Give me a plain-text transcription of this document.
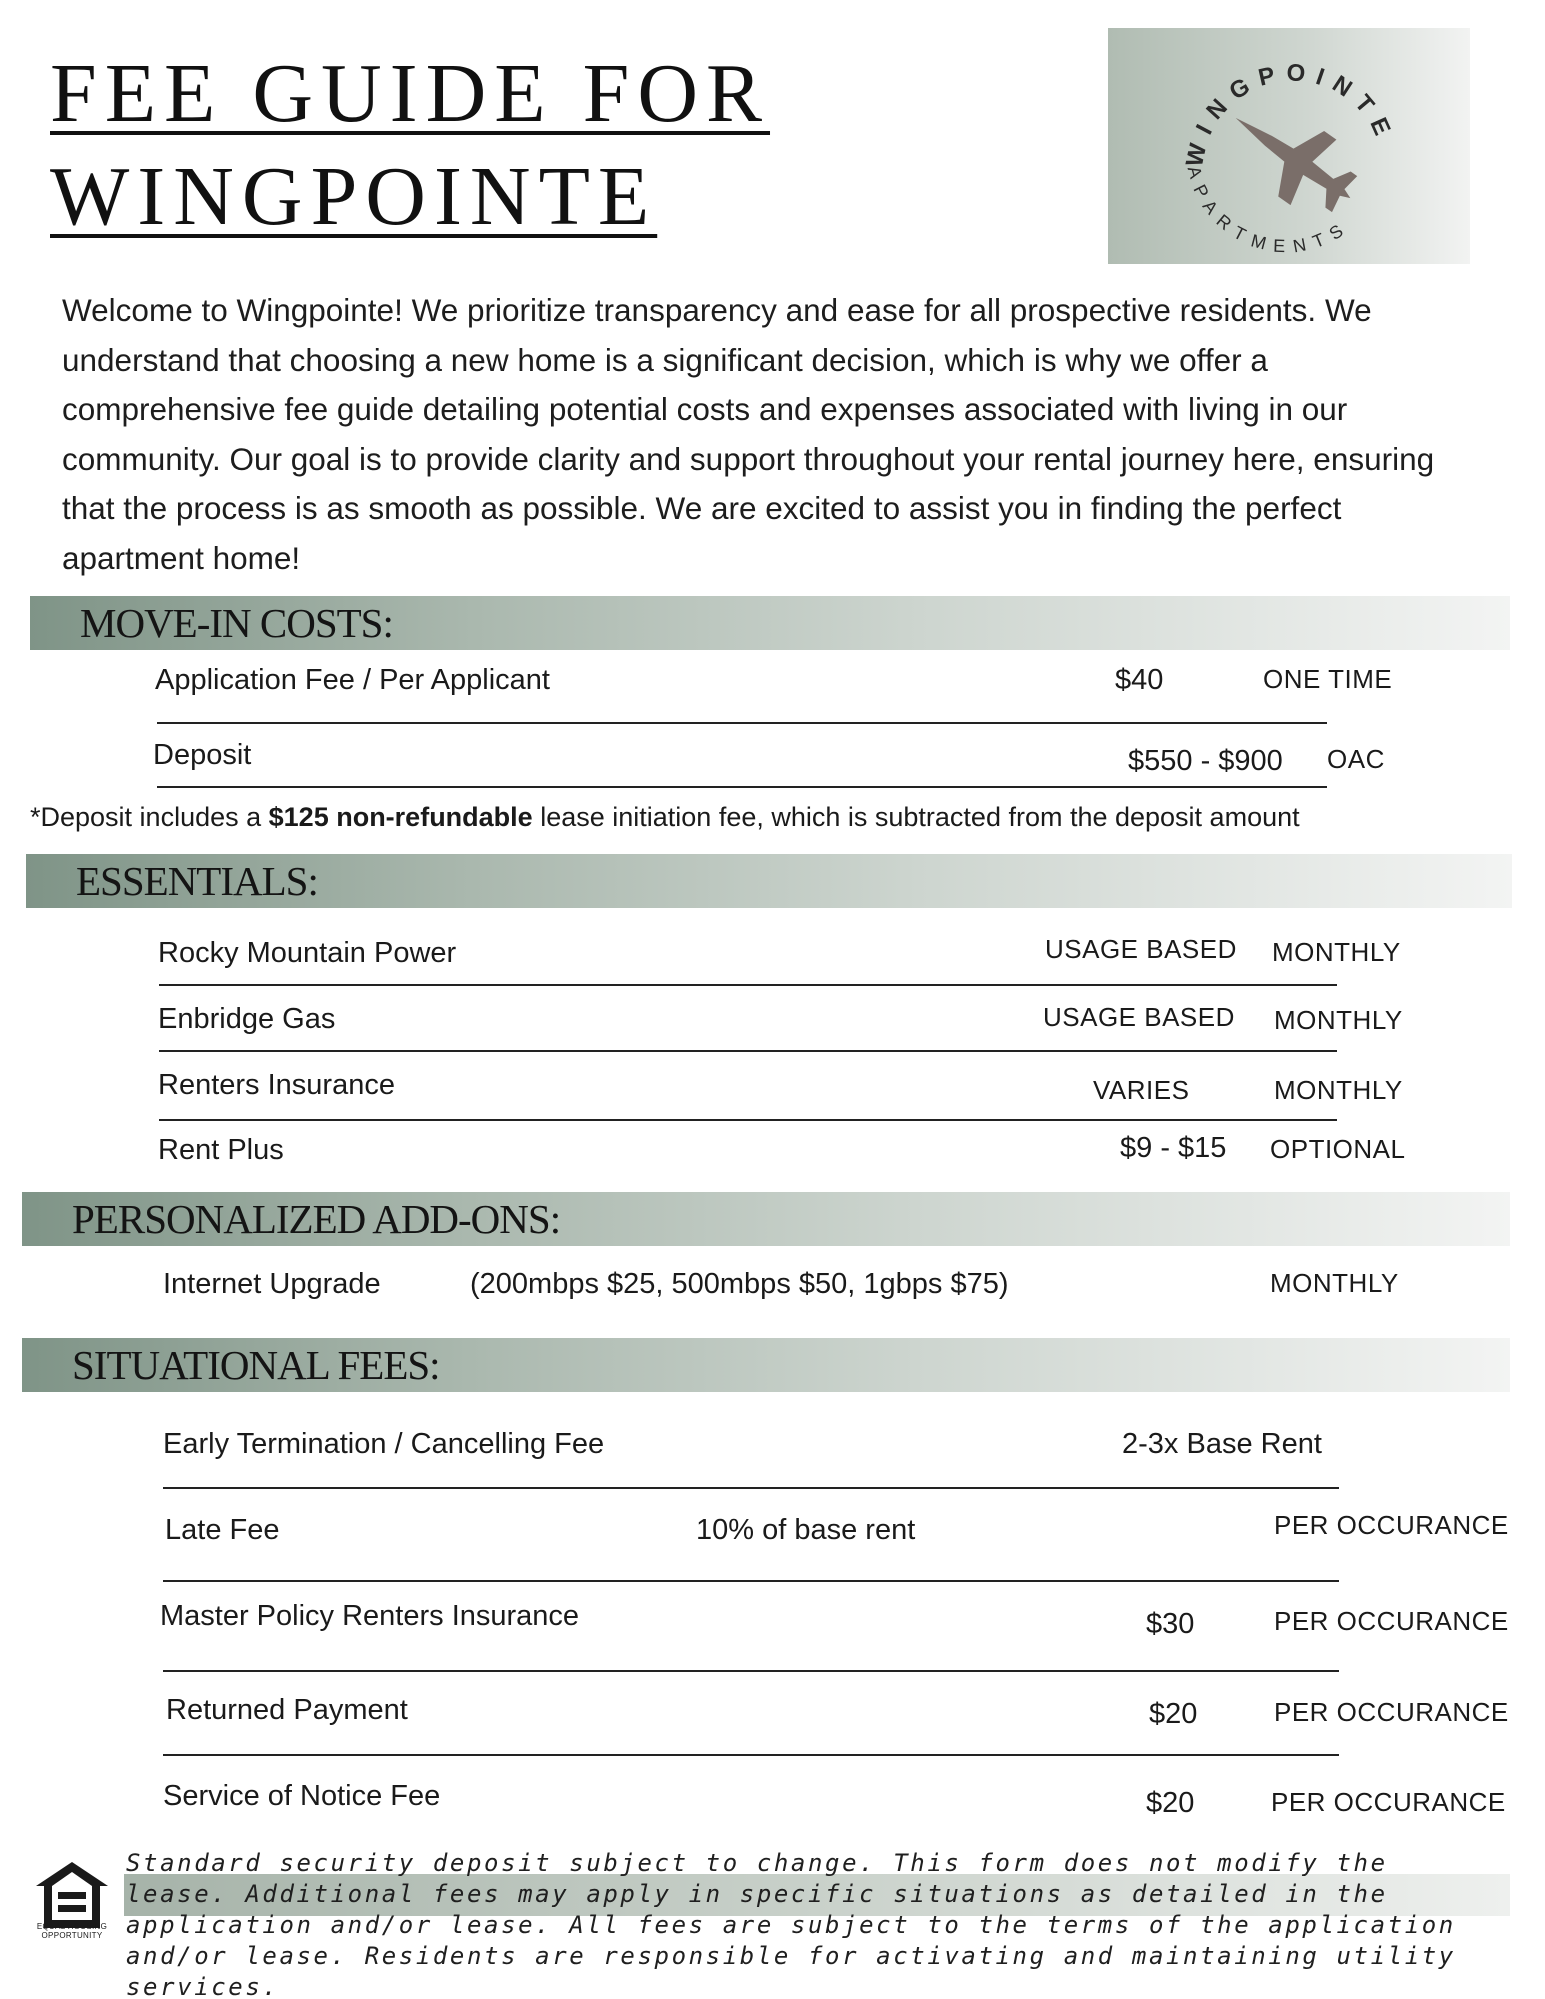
FEE GUIDE FOR
WINGPOINTE	WINGPOINTE
APARTMENTS
Welcome to Wingpointe! We prioritize transparency and ease for all prospective residents. We understand that choosing a new home is a significant decision, which is why we offer a comprehensive fee guide detailing potential costs and expenses associated with living in our community. Our goal is to provide clarity and support throughout your rental journey here, ensuring that the process is as smooth as possible. We are excited to assist you in finding the perfect apartment home!
MOVE-IN COSTS:
Application Fee / Per Applicant	$40	ONE TIME
Deposit	$550 - $900 OAC
*Deposit includes a $125 non-refundable lease initiation fee, which is subtracted from the deposit amount
ESSENTIALS:
Rocky Mountain Power	USAGE BASED MONTHLY
Enbridge Gas	USAGE BASED MONTHLY
Renters Insurance	VARIES	MONTHLY
Rent Plus	$9 - $15 OPTIONAL
PERSONALIZED ADD-ONS:
Internet Upgrade	(200mbps $25, 500mbps $50, 1gbps $75)	MONTHLY
SITUATIONAL FEES:
Early Termination / Cancelling Fee	2-3x Base Rent
Late Fee	10% of base rent	PER OCCURANCE
Master Policy Renters Insurance	$30	PER OCCURANCE
Returned Payment	$20	PER OCCURANCE
Service of Notice Fee	$20	PER OCCURANCE
EQUAL HOUSING OPPORTUNITY
Standard security deposit subject to change. This form does not modify the lease. Additional fees may apply in specific situations as detailed in the application and/or lease. All fees are subject to the terms of the application and/or lease. Residents are responsible for activating and maintaining utility services.
